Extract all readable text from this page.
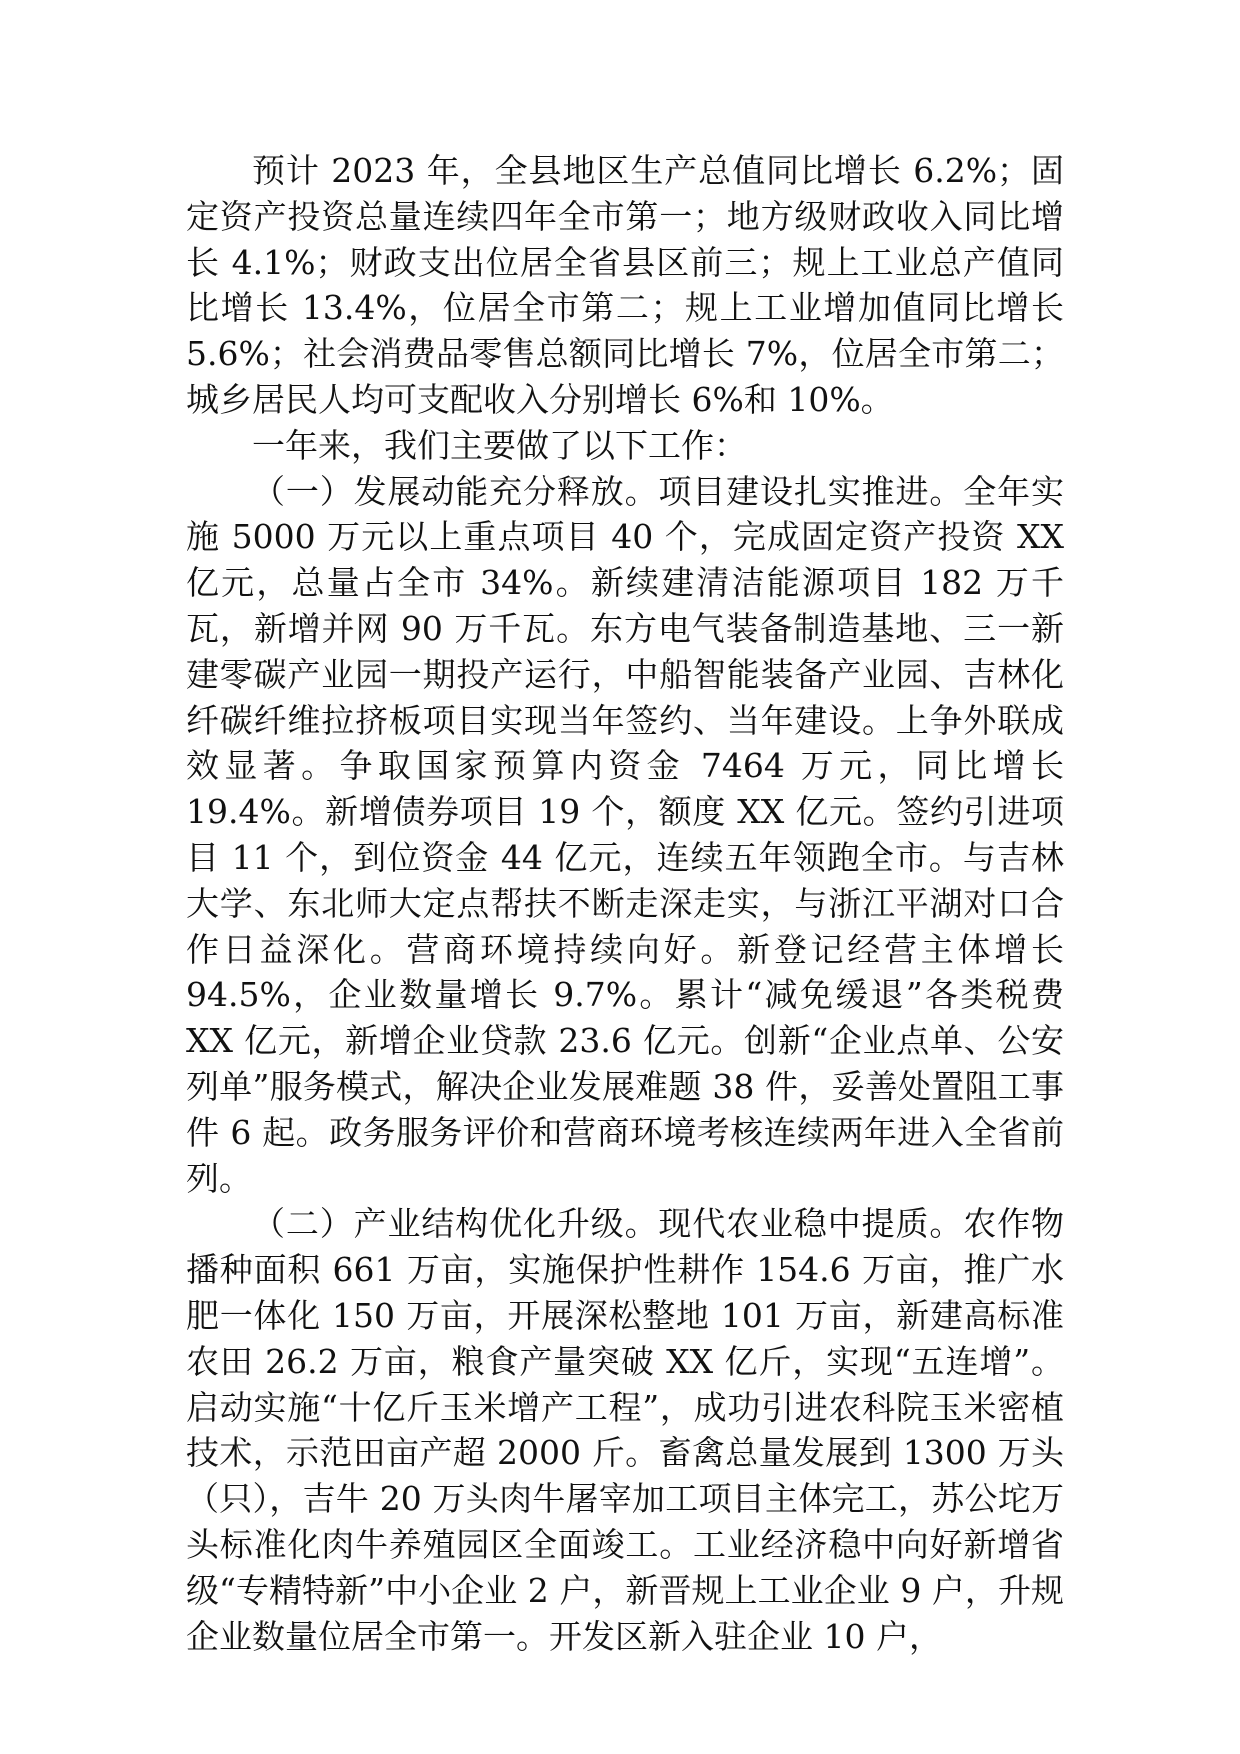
预计 2023 年，全县地区生产总值同比增长 6.2%；固定资产投资总量连续四年全市第一；地方级财政收入同比增长 4.1%；财政支出位居全省县区前三；规上工业总产值同比增长 13.4%，位居全市第二；规上工业增加值同比增长 5.6%；社会消费品零售总额同比增长 7%，位居全市第二；城乡居民人均可支配收入分别增长 6%和 10%。

一年来，我们主要做了以下工作：

（一）发展动能充分释放。项目建设扎实推进。全年实施 5000 万元以上重点项目 40 个，完成固定资产投资 XX 亿元，总量占全市 34%。新续建清洁能源项目 182 万千瓦，新增并网 90 万千瓦。东方电气装备制造基地、三一新建零碳产业园一期投产运行，中船智能装备产业园、吉林化纤碳纤维拉挤板项目实现当年签约、当年建设。上争外联成效显著。争取国家预算内资金 7464 万元，同比增长 19.4%。新增债券项目 19 个，额度 XX 亿元。签约引进项目 11 个，到位资金 44 亿元，连续五年领跑全市。与吉林大学、东北师大定点帮扶不断走深走实，与浙江平湖对口合作日益深化。营商环境持续向好。新登记经营主体增长 94.5%，企业数量增长 9.7%。累计“减免缓退”各类税费 XX 亿元，新增企业贷款 23.6 亿元。创新“企业点单、公安列单”服务模式，解决企业发展难题 38 件，妥善处置阻工事件 6 起。政务服务评价和营商环境考核连续两年进入全省前列。

（二）产业结构优化升级。现代农业稳中提质。农作物播种面积 661 万亩，实施保护性耕作 154.6 万亩，推广水肥一体化 150 万亩，开展深松整地 101 万亩，新建高标准农田 26.2 万亩，粮食产量突破 XX 亿斤，实现“五连增”。启动实施“十亿斤玉米增产工程”，成功引进农科院玉米密植技术，示范田亩产超 2000 斤。畜禽总量发展到 1300 万头（只），吉牛 20 万头肉牛屠宰加工项目主体完工，苏公坨万头标准化肉牛养殖园区全面竣工。工业经济稳中向好新增省级“专精特新”中小企业 2 户，新晋规上工业企业 9 户，升规企业数量位居全市第一。开发区新入驻企业 10 户，
